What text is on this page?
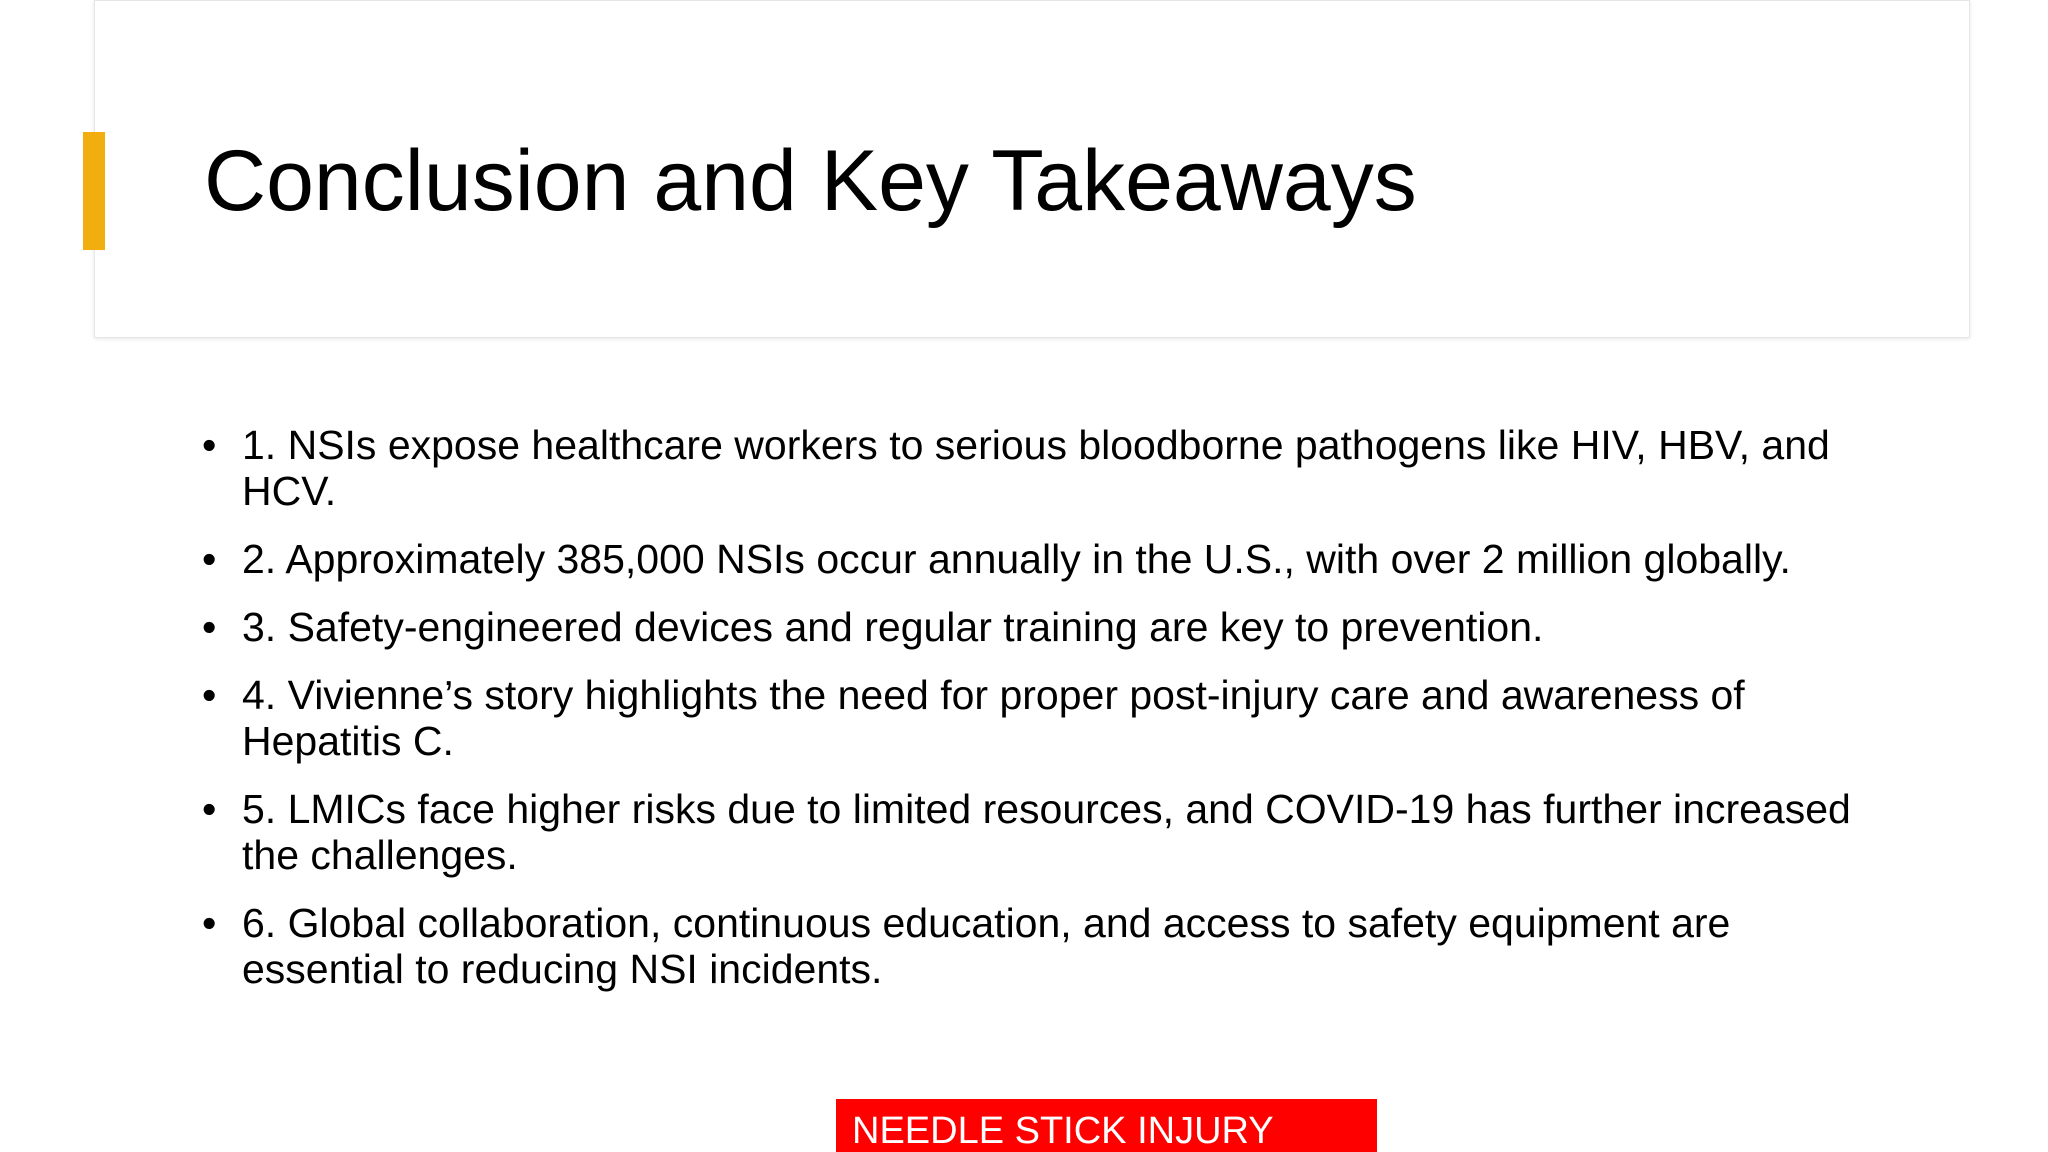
Conclusion and Key Takeaways
• 1. NSIs expose healthcare workers to serious bloodborne pathogens like HIV, HBV, and HCV.
• 2. Approximately 385,000 NSIs occur annually in the U.S., with over 2 million globally.
• 3. Safety-engineered devices and regular training are key to prevention.
• 4. Vivienne’s story highlights the need for proper post-injury care and awareness of Hepatitis C.
• 5. LMICs face higher risks due to limited resources, and COVID-19 has further increased the challenges.
• 6. Global collaboration, continuous education, and access to safety equipment are essential to reducing NSI incidents.
NEEDLE STICK INJURY
